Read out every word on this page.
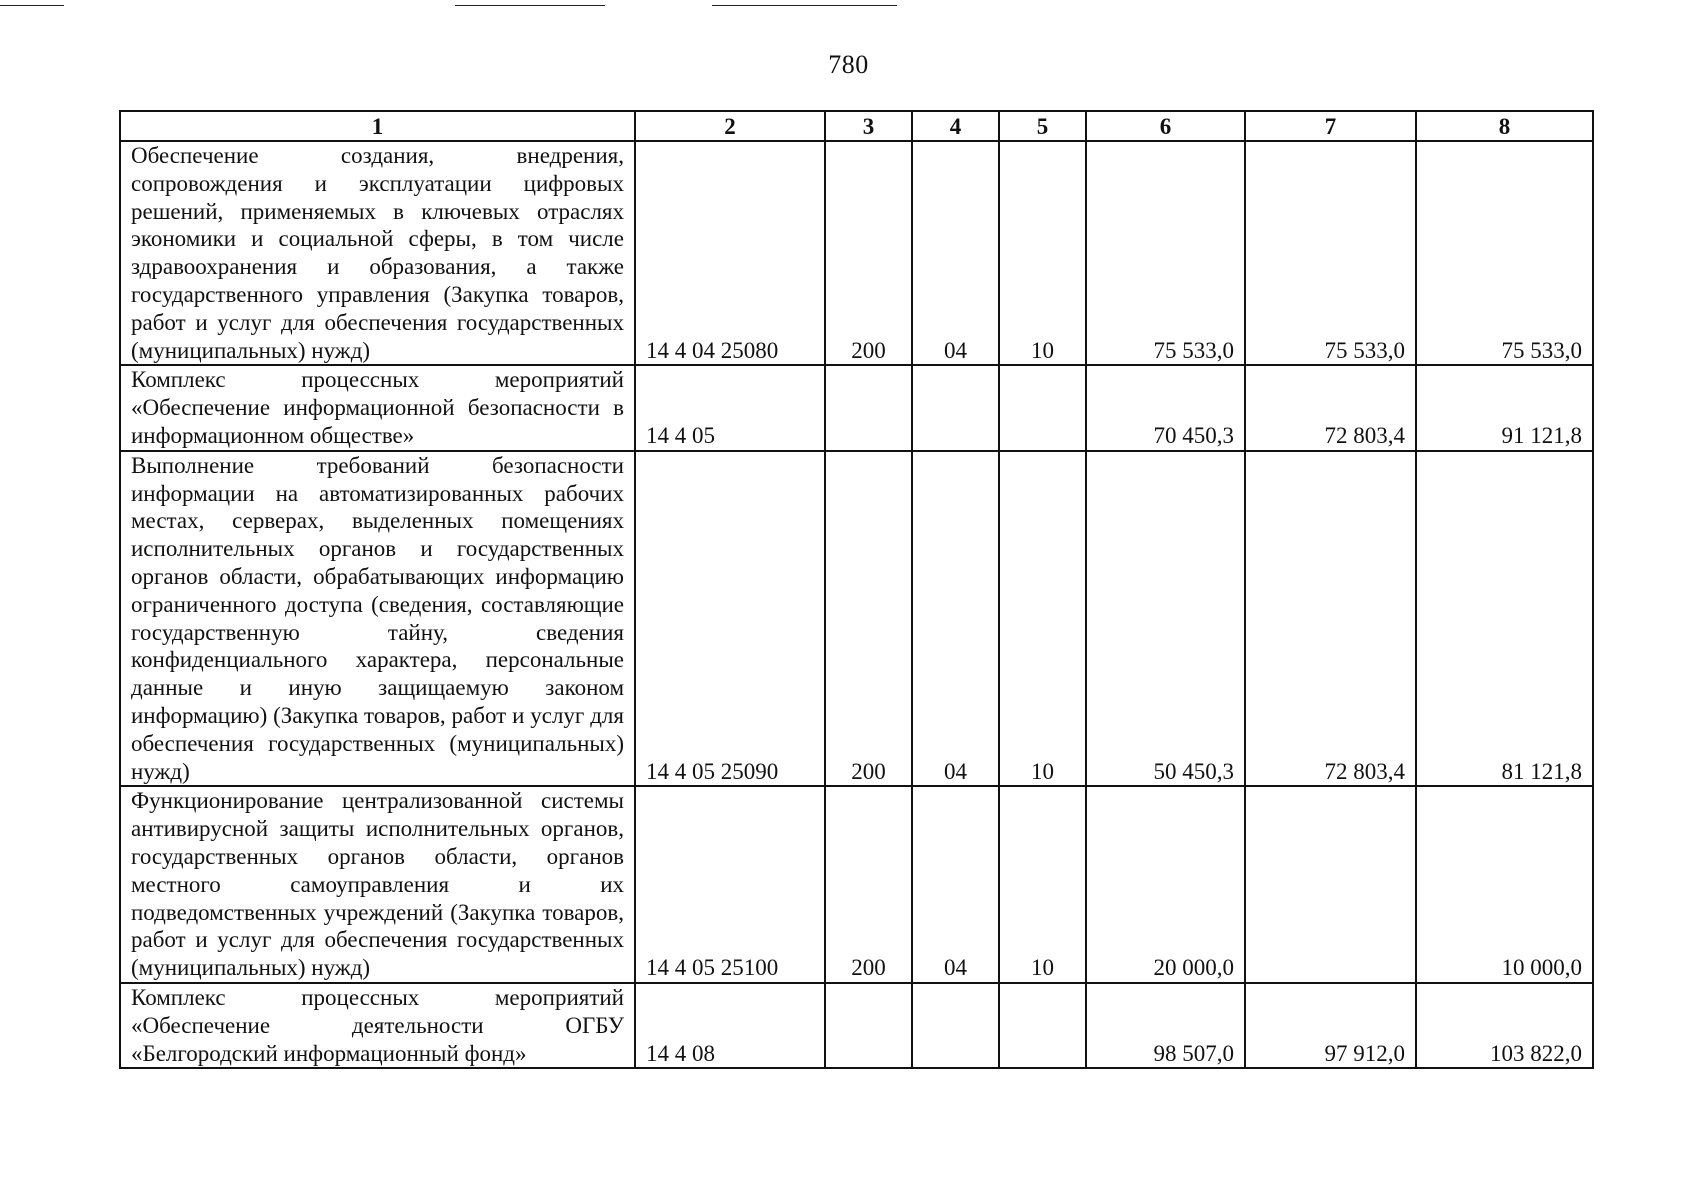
780
1	2	3	4	5	6	7	8
Обеспечение создания, внедрения, сопровождения и эксплуатации цифровых решений, применяемых в ключевых отраслях экономики и социальной сферы, в том числе здравоохранения и образования, а также государственного управления (Закупка товаров, работ и услуг для обеспечения государственных (муниципальных) нужд)	14 4 04 25080	200	04	10	75 533,0	75 533,0	75 533,0
Комплекс процессных мероприятий «Обеспечение информационной безопасности в информационном обществе»	14 4 05				70 450,3	72 803,4	91 121,8
Выполнение требований безопасности информации на автоматизированных рабочих местах, серверах, выделенных помещениях исполнительных органов и государственных органов области, обрабатывающих информацию ограниченного доступа (сведения, составляющие государственную тайну, сведения конфиденциального характера, персональные данные и иную защищаемую законом информацию) (Закупка товаров, работ и услуг для обеспечения государственных (муниципальных) нужд)	14 4 05 25090	200	04	10	50 450,3	72 803,4	81 121,8
Функционирование централизованной системы антивирусной защиты исполнительных органов, государственных органов области, органов местного самоуправления и их подведомственных учреждений (Закупка товаров, работ и услуг для обеспечения государственных (муниципальных) нужд)	14 4 05 25100	200	04	10	20 000,0		10 000,0
Комплекс процессных мероприятий «Обеспечение деятельности ОГБУ «Белгородский информационный фонд»	14 4 08				98 507,0	97 912,0	103 822,0
